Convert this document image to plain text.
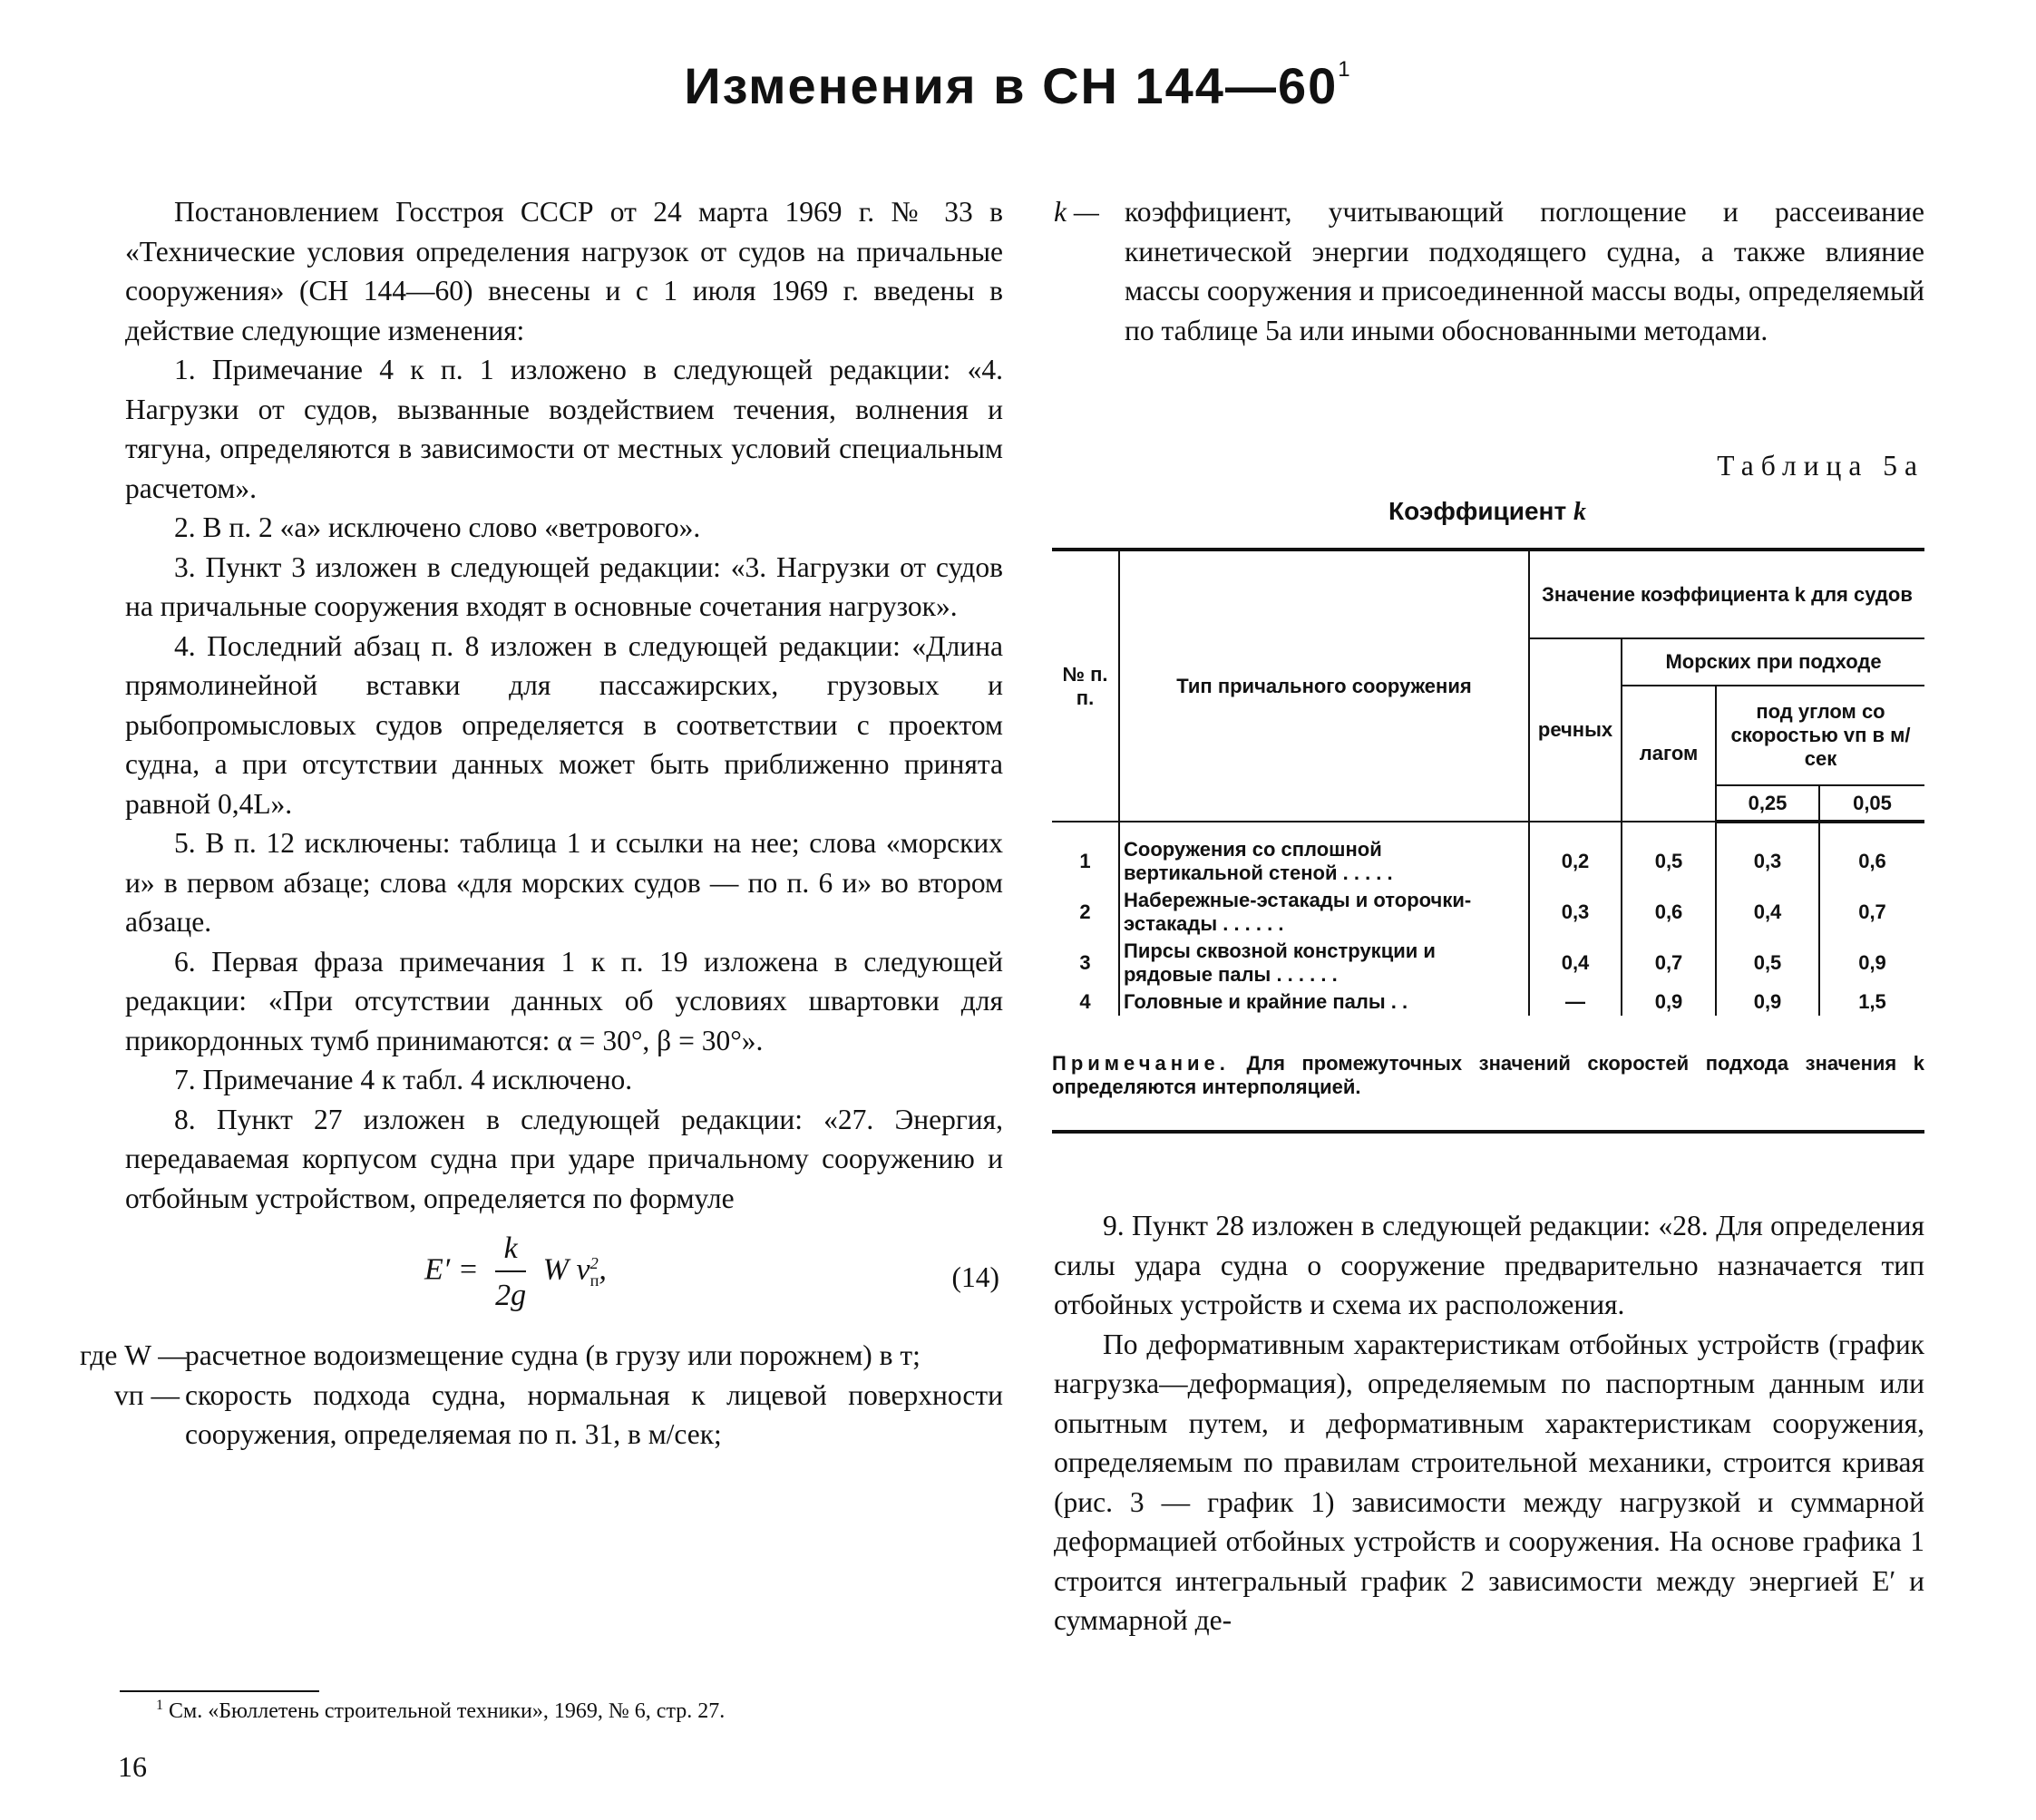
Изменения в СН $144—60^1$

Постановлением Госстроя СССР от 24 марта 1969 г. № 33 в «Технические условия определения нагрузок от судов на причальные сооружения» (СН 144—60) внесены и с 1 июля 1969 г. введены в действие следующие изменения:

1. Примечание 4 к п. 1 изложено в следующей редакции: «4. Нагрузки от судов, вызванные воздействием течения, волнения и тягуна, определяются в зависимости от местных условий специальным расчетом».

2. В п. 2 «а» исключено слово «ветрового».

3. Пункт 3 изложен в следующей редакции: «3. Нагрузки от судов на причальные сооружения входят в основные сочетания нагрузок».

4. Последний абзац п. 8 изложен в следующей редакции: «Длина прямолинейной вставки для пассажирских, грузовых и рыбопромысловых судов определяется в соответствии с проектом судна, а при отсутствии данных может быть приближенно принята равной 0,4L».

5. В п. 12 исключены: таблица 1 и ссылки на нее; слова «морских и» в первом абзаце; слова «для морских судов — по п. 6 и» во втором абзаце.

6. Первая фраза примечания 1 к п. 19 изложена в следующей редакции: «При отсутствии данных об условиях швартовки для прикордонных тумб принимаются: α = 30°, β = 30°».

7. Примечание 4 к табл. 4 исключено.

8. Пункт 27 изложен в следующей редакции: «27. Энергия, передаваемая корпусом судна при ударе причальному сооружению и отбойным устройством, определяется по формуле

$E' = \frac{k}{2g}$ W v 2
п ,	(14)
где W —
расчетное водоизмещение судна (в грузу или порожнем) в т;
vп — скорость подхода судна, нормальная к лицевой поверхности сооружения, определяемая по п. 31, в м/сек;
$^1$ См. «Бюллетень строительной техники», 1969, № 6, стр. 27.
16
k — коэффициент, учитывающий поглощение и рассеивание кинетической энергии подходящего судна, а также влияние массы сооружения и присоединенной массы воды, определяемый по таблице 5а или иными обоснованными методами.
Таблица 5а
Коэффициент k
№ п. п.	Тип причального сооружения	Значение коэффициента k для судов			
		речных	Морских при подходе		
			лагом	под углом со скоростью vп в м/сек	
				0,25	0,05

1	Сооружения со сплошной вертикальной стеной . . . . .	0,2	0,5	0,3	0,6
2	Набережные-эстакады и оторочки-эстакады . . . . . .	0,3	0,6	0,4	0,7
3	Пирсы сквозной конструкции и рядовые палы . . . . . .	0,4	0,7	0,5	0,9
4	Головные и крайние палы . .	—	0,9	0,9	1,5
Примечание. Для промежуточных значений скоростей подхода значения k определяются интерполяцией.

9. Пункт 28 изложен в следующей редакции: «28. Для определения силы удара судна о сооружение предварительно назначается тип отбойных устройств и схема их расположения.

По деформативным характеристикам отбойных устройств (график нагрузка—деформация), определяемым по паспортным данным или опытным путем, и деформативным характеристикам сооружения, определяемым по правилам строительной механики, строится кривая (рис. 3 — график 1) зависимости между нагрузкой и суммарной деформацией отбойных устройств и сооружения. На основе графика 1 строится интегральный график 2 зависимости между энергией E′ и суммарной де-
